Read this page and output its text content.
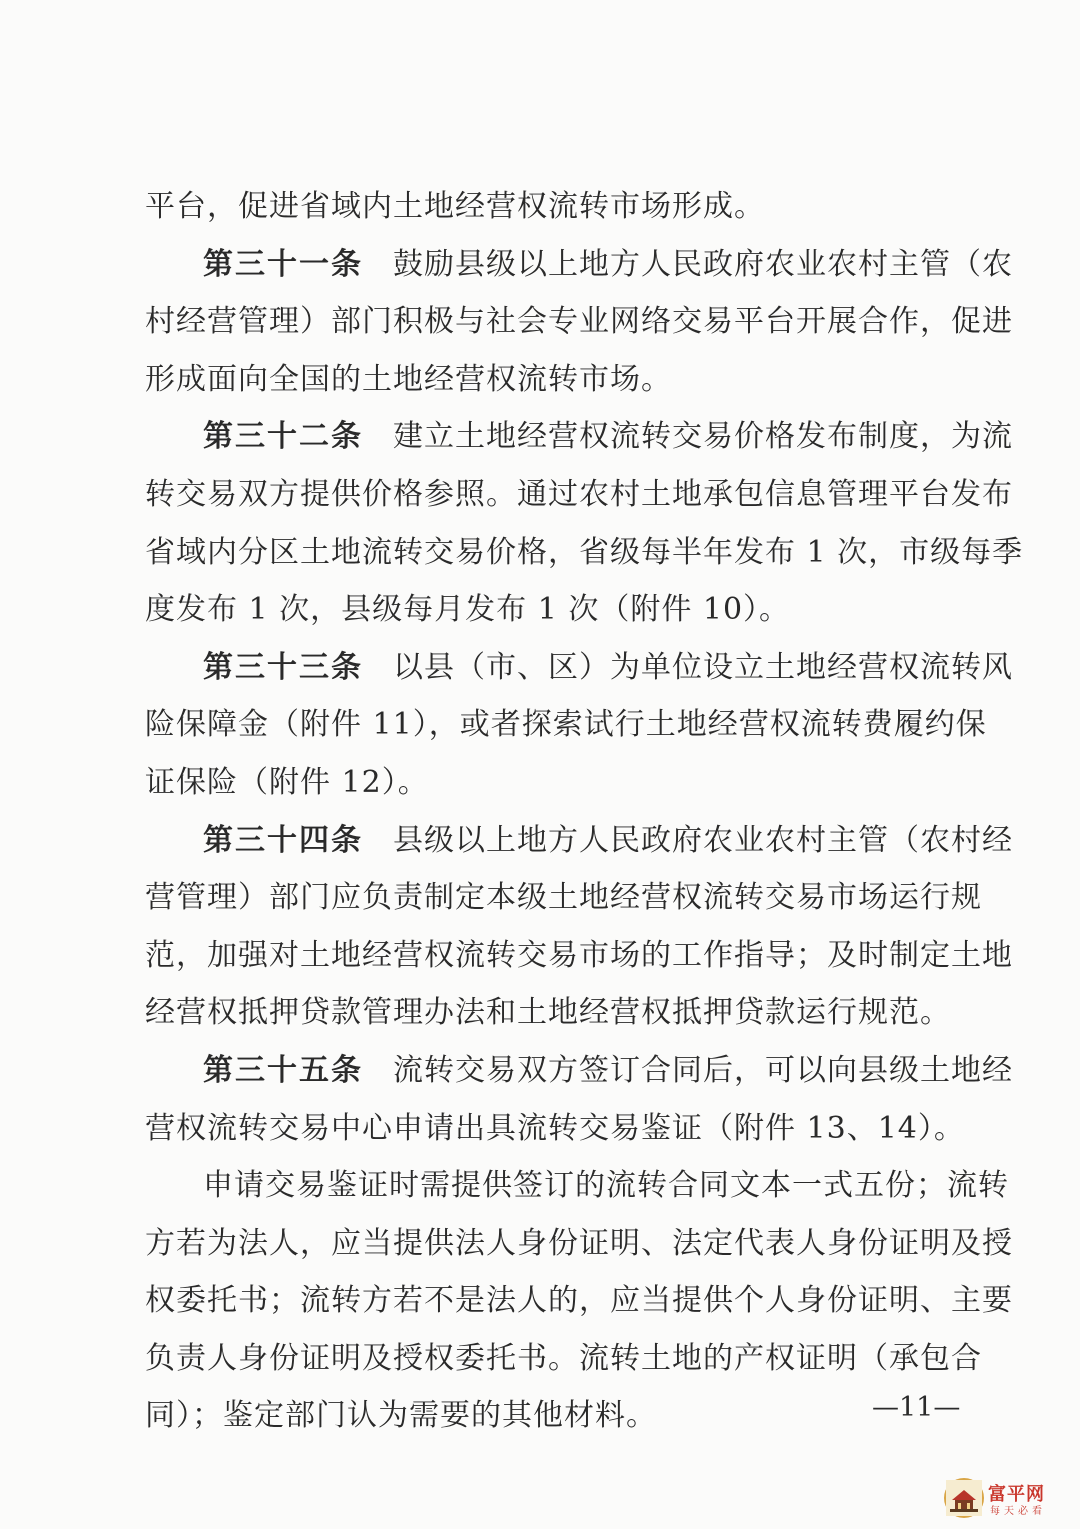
平台，促进省域内土地经营权流转市场形成。
第三十一条 鼓励县级以上地方人民政府农业农村主管（农
村经营管理）部门积极与社会专业网络交易平台开展合作，促进
形成面向全国的土地经营权流转市场。
第三十二条 建立土地经营权流转交易价格发布制度，为流
转交易双方提供价格参照。通过农村土地承包信息管理平台发布
省域内分区土地流转交易价格，省级每半年发布 1 次，市级每季
度发布 1 次，县级每月发布 1 次（附件 10）。
第三十三条 以县（市、区）为单位设立土地经营权流转风
险保障金（附件 11），或者探索试行土地经营权流转费履约保
证保险（附件 12）。
第三十四条 县级以上地方人民政府农业农村主管（农村经
营管理）部门应负责制定本级土地经营权流转交易市场运行规
范，加强对土地经营权流转交易市场的工作指导；及时制定土地
经营权抵押贷款管理办法和土地经营权抵押贷款运行规范。
第三十五条 流转交易双方签订合同后，可以向县级土地经
营权流转交易中心申请出具流转交易鉴证（附件 13、14）。
申请交易鉴证时需提供签订的流转合同文本一式五份；流转
方若为法人，应当提供法人身份证明、法定代表人身份证明及授
权委托书；流转方若不是法人的，应当提供个人身份证明、主要
负责人身份证明及授权委托书。流转土地的产权证明（承包合
同）；鉴定部门认为需要的其他材料。	—11—
富平网
每天必看
